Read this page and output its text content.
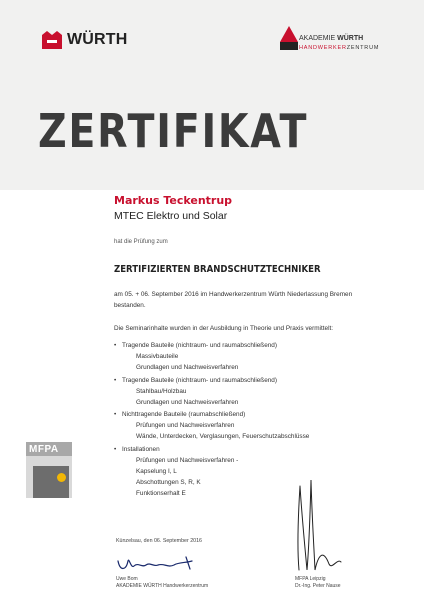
WÜRTH	AKADEMIE WÜRTH
HANDWERKERZENTRUM
ZERTIFIKAT
Markus Teckentrup
MTEC Elektro und Solar
hat die Prüfung zum
ZERTIFIZIERTEN BRANDSCHUTZTECHNIKER
am 05. + 06. September 2016 im Handwerkerzentrum Würth Niederlassung Bremen bestanden.
Die Seminarinhalte wurden in der Ausbildung in Theorie und Praxis vermittelt:
• Tragende Bauteile (nichtraum- und raumabschließend)
Massivbauteile
Grundlagen und Nachweisverfahren
• Tragende Bauteile (nichtraum- und raumabschließend)
Stahlbau/Holzbau
Grundlagen und Nachweisverfahren
• Nichttragende Bauteile (raumabschließend)
Prüfungen und Nachweisverfahren
Wände, Unterdecken, Verglasungen, Feuerschutzabschlüsse
• Installationen
Prüfungen und Nachweisverfahren -
Kapselung I, L
Abschottungen S, R, K
Funktionserhalt E
MFPA
Künzelsau, den 06. September 2016
Uwe Bom
AKADEMIE WÜRTH Handwerkerzentrum
MFPA Leipzig
Dr.-Ing. Peter Nause
